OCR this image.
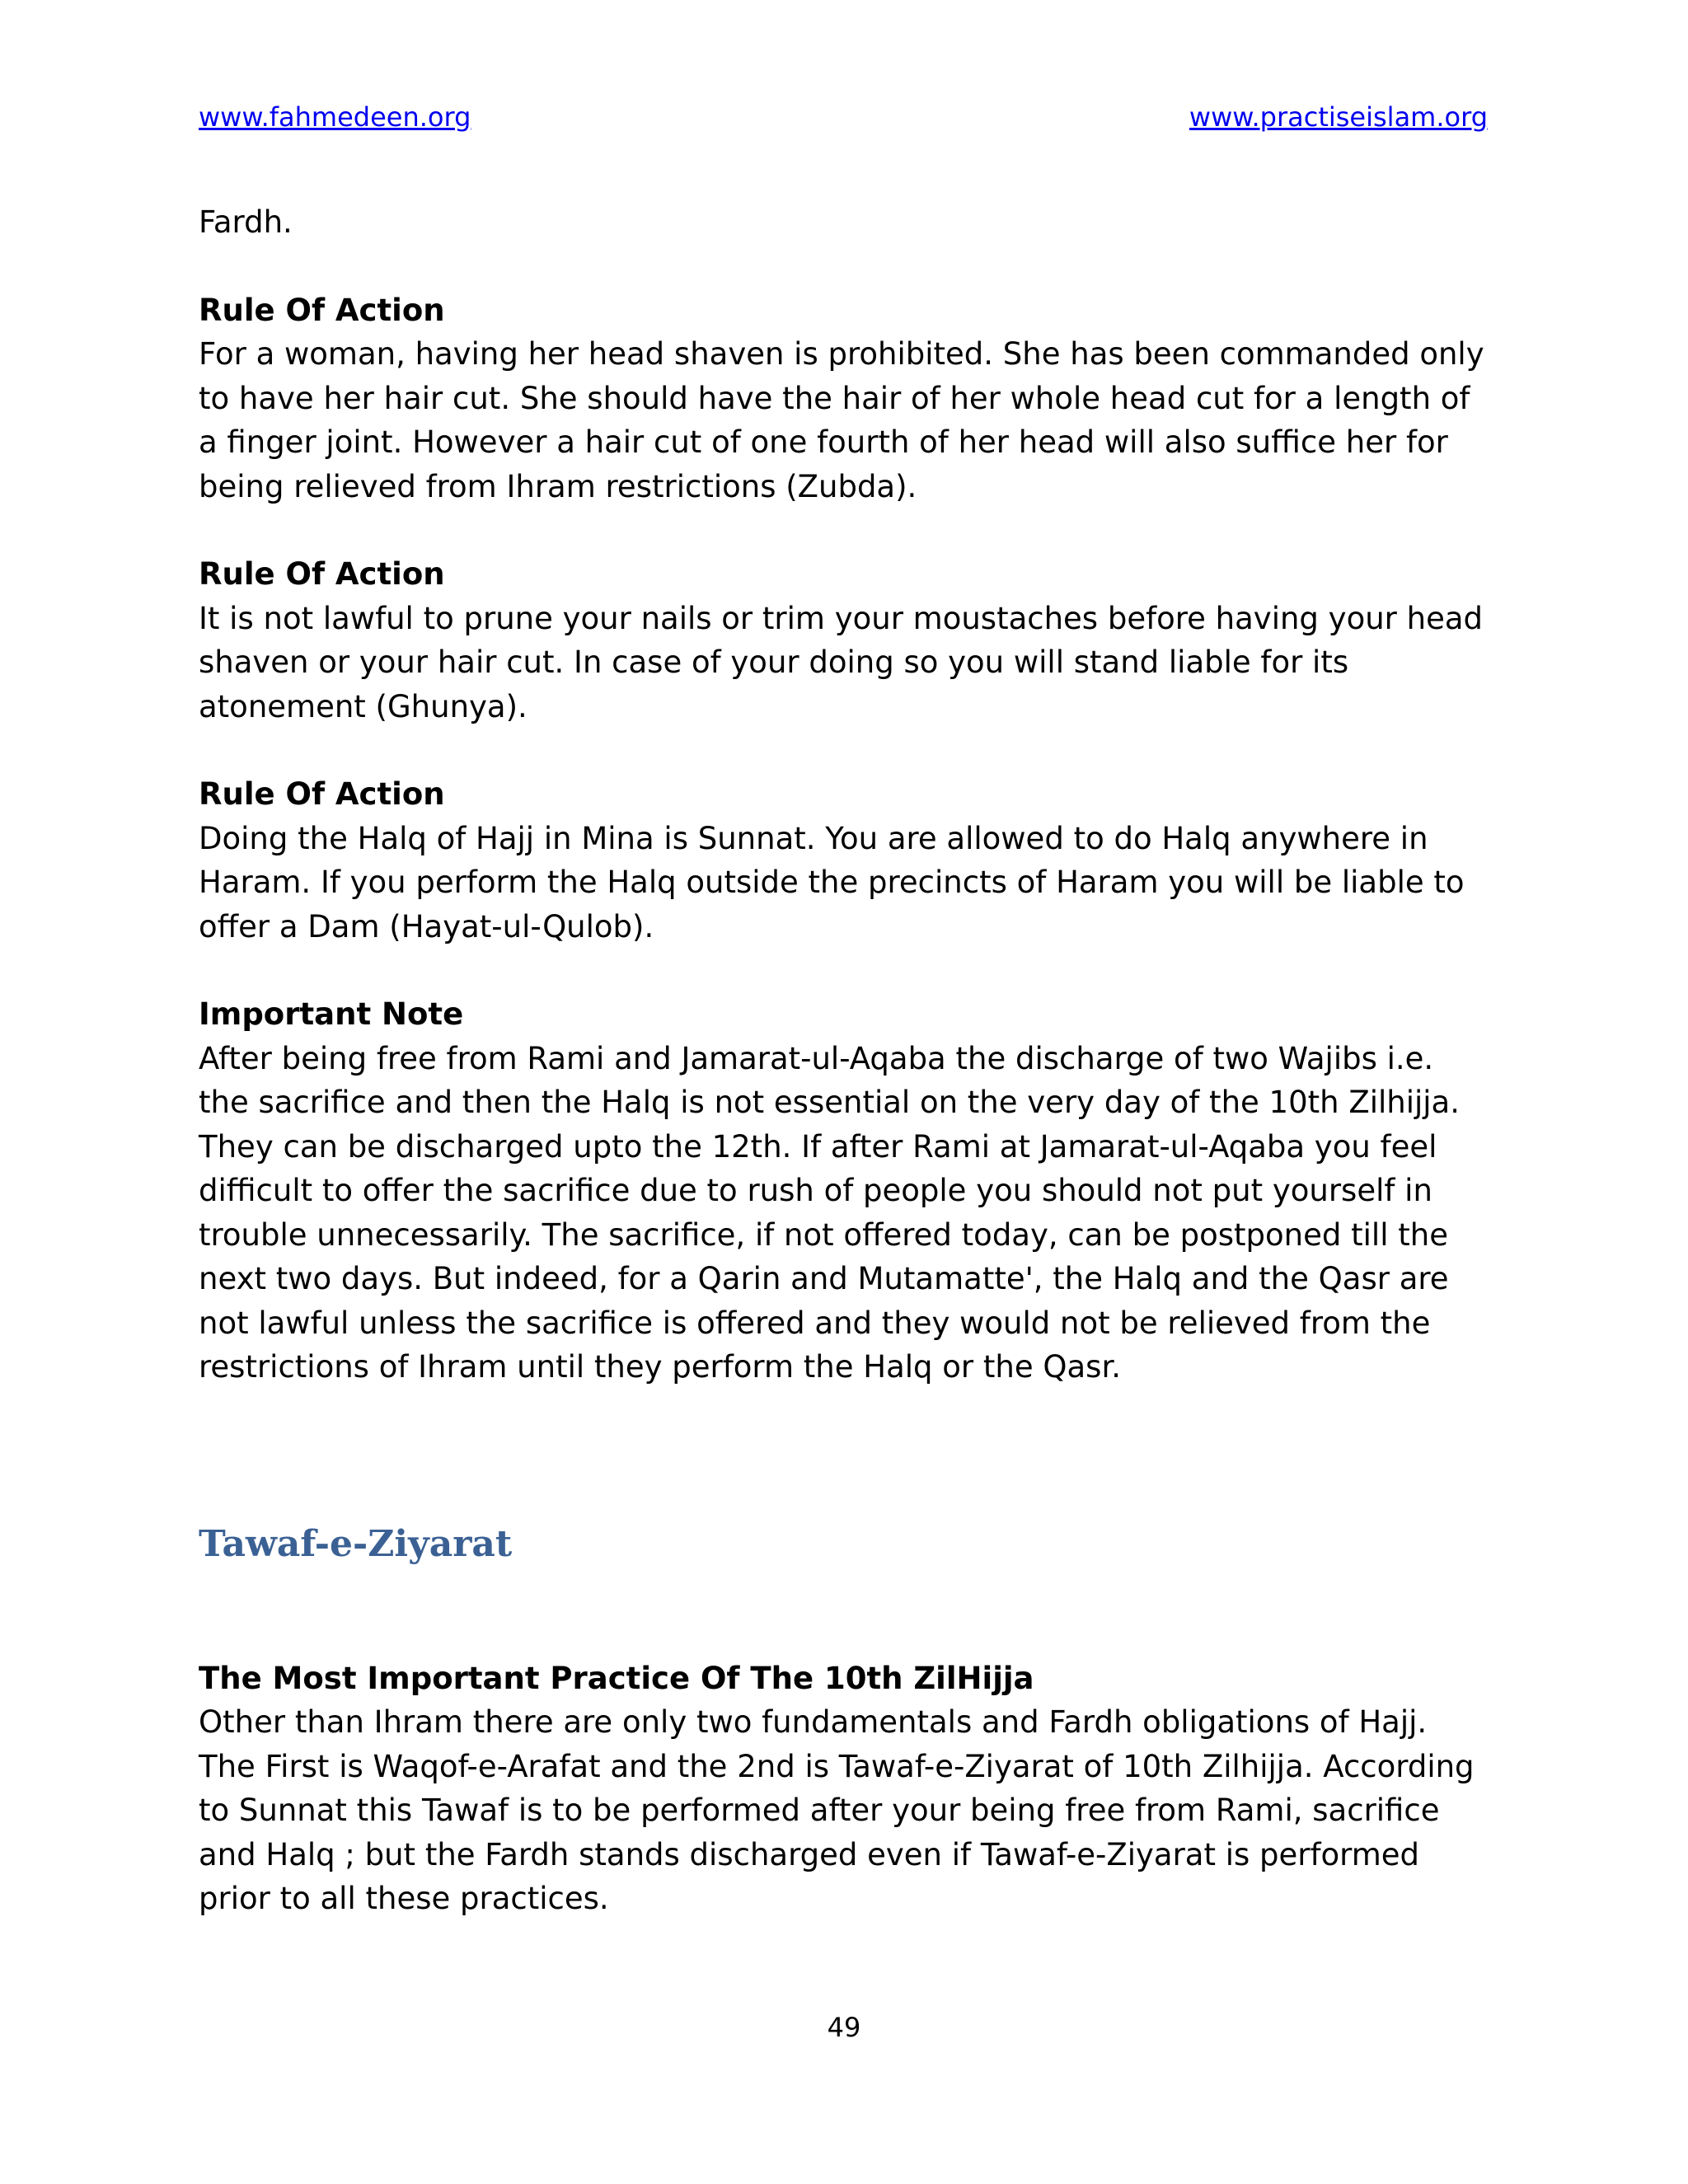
www.fahmedeen.org	www.practiseislam.org

Fardh.

Rule Of Action

For a woman, having her head shaven is prohibited. She has been commanded only to have her hair cut. She should have the hair of her whole head cut for a length of a finger joint. However a hair cut of one fourth of her head will also suffice her for being relieved from Ihram restrictions (Zubda).

Rule Of Action

It is not lawful to prune your nails or trim your moustaches before having your head shaven or your hair cut. In case of your doing so you will stand liable for its atonement (Ghunya).

Rule Of Action

Doing the Halq of Hajj in Mina is Sunnat. You are allowed to do Halq anywhere in Haram. If you perform the Halq outside the precincts of Haram you will be liable to offer a Dam (Hayat-ul-Qulob).

Important Note

After being free from Rami and Jamarat-ul-Aqaba the discharge of two Wajibs i.e. the sacrifice and then the Halq is not essential on the very day of the 10th Zilhijja. They can be discharged upto the 12th. If after Rami at Jamarat-ul-Aqaba you feel difficult to offer the sacrifice due to rush of people you should not put yourself in trouble unnecessarily. The sacrifice, if not offered today, can be postponed till the next two days. But indeed, for a Qarin and Mutamatte', the Halq and the Qasr are not lawful unless the sacrifice is offered and they would not be relieved from the restrictions of Ihram until they perform the Halq or the Qasr.

Tawaf-e-Ziyarat

The Most Important Practice Of The 10th ZilHijja

Other than Ihram there are only two fundamentals and Fardh obligations of Hajj. The First is Waqof-e-Arafat and the 2nd is Tawaf-e-Ziyarat of 10th Zilhijja. According to Sunnat this Tawaf is to be performed after your being free from Rami, sacrifice and Halq ; but the Fardh stands discharged even if Tawaf-e-Ziyarat is performed prior to all these practices.

49
